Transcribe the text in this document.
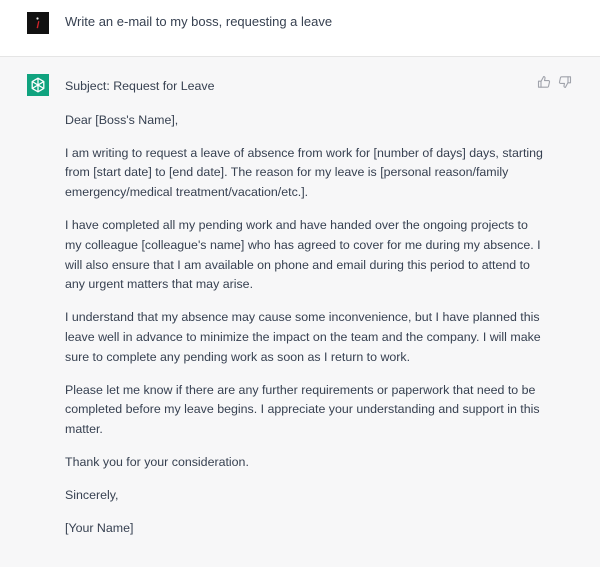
Write an e-mail to my boss, requesting a leave

Subject: Request for Leave

Dear [Boss's Name],

I am writing to request a leave of absence from work for [number of days] days, starting from [start date] to [end date]. The reason for my leave is [personal reason/family emergency/medical treatment/vacation/etc.].

I have completed all my pending work and have handed over the ongoing projects to my colleague [colleague's name] who has agreed to cover for me during my absence. I will also ensure that I am available on phone and email during this period to attend to any urgent matters that may arise.

I understand that my absence may cause some inconvenience, but I have planned this leave well in advance to minimize the impact on the team and the company. I will make sure to complete any pending work as soon as I return to work.

Please let me know if there are any further requirements or paperwork that need to be completed before my leave begins. I appreciate your understanding and support in this matter.

Thank you for your consideration.

Sincerely,

[Your Name]
